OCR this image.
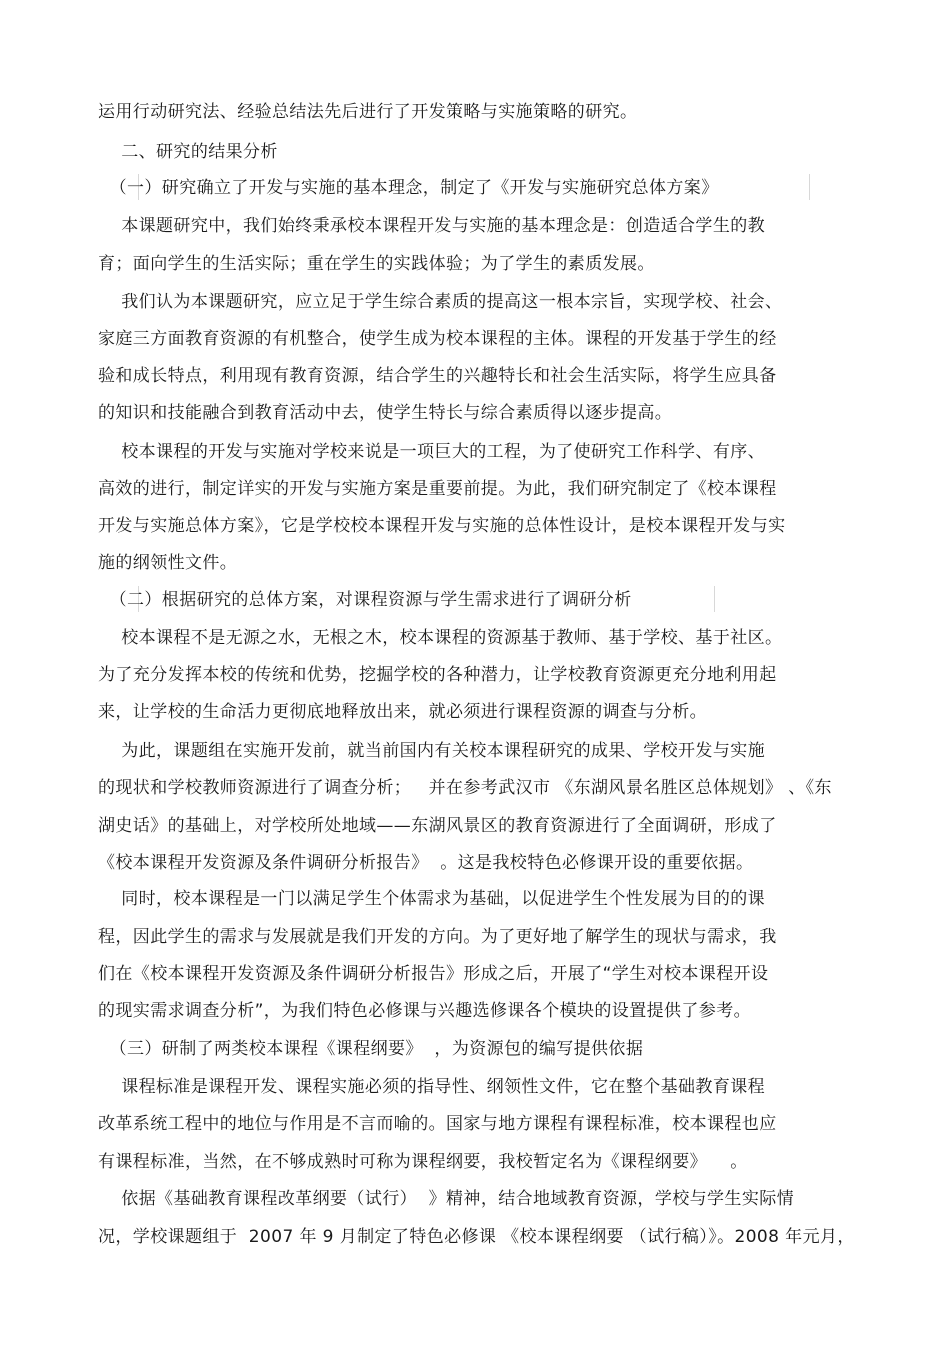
运用行动研究法、经验总结法先后进行了开发策略与实施策略的研究。
二、研究的结果分析
（一）研究确立了开发与实施的基本理念，制定了《开发与实施研究总体方案》
本课题研究中，我们始终秉承校本课程开发与实施的基本理念是：创造适合学生的教
育；面向学生的生活实际；重在学生的实践体验；为了学生的素质发展。
我们认为本课题研究，应立足于学生综合素质的提高这一根本宗旨，实现学校、社会、
家庭三方面教育资源的有机整合，使学生成为校本课程的主体。课程的开发基于学生的经
验和成长特点，利用现有教育资源，结合学生的兴趣特长和社会生活实际，将学生应具备
的知识和技能融合到教育活动中去，使学生特长与综合素质得以逐步提高。
校本课程的开发与实施对学校来说是一项巨大的工程，为了使研究工作科学、有序、
高效的进行，制定详实的开发与实施方案是重要前提。为此，我们研究制定了《校本课程
开发与实施总体方案》，它是学校校本课程开发与实施的总体性设计，是校本课程开发与实
施的纲领性文件。
（二）根据研究的总体方案，对课程资源与学生需求进行了调研分析
校本课程不是无源之水，无根之木，校本课程的资源基于教师、基于学校、基于社区。
为了充分发挥本校的传统和优势，挖掘学校的各种潜力，让学校教育资源更充分地利用起
来，让学校的生命活力更彻底地释放出来，就必须进行课程资源的调查与分析。
为此，课题组在实施开发前，就当前国内有关校本课程研究的成果、学校开发与实施
的现状和学校教师资源进行了调查分析；   并在参考武汉市 《东湖风景名胜区总体规划》 、《东
湖史话》的基础上，对学校所处地域——东湖风景区的教育资源进行了全面调研，形成了
《校本课程开发资源及条件调研分析报告》  。这是我校特色必修课开设的重要依据。
同时，校本课程是一门以满足学生个体需求为基础，以促进学生个性发展为目的的课
程，因此学生的需求与发展就是我们开发的方向。为了更好地了解学生的现状与需求，我
们在《校本课程开发资源及条件调研分析报告》形成之后，开展了“学生对校本课程开设
的现实需求调查分析”，为我们特色必修课与兴趣选修课各个模块的设置提供了参考。
（三）研制了两类校本课程《课程纲要》  ，为资源包的编写提供依据
课程标准是课程开发、课程实施必须的指导性、纲领性文件，它在整个基础教育课程
改革系统工程中的地位与作用是不言而喻的。国家与地方课程有课程标准，校本课程也应
有课程标准，当然，在不够成熟时可称为课程纲要，我校暂定名为《课程纲要》    。
依据《基础教育课程改革纲要（试行）  》精神，结合地域教育资源，学校与学生实际情
况，学校课题组于  2007 年 9 月制定了特色必修课 《校本课程纲要 （试行稿）》。2008 年元月，
